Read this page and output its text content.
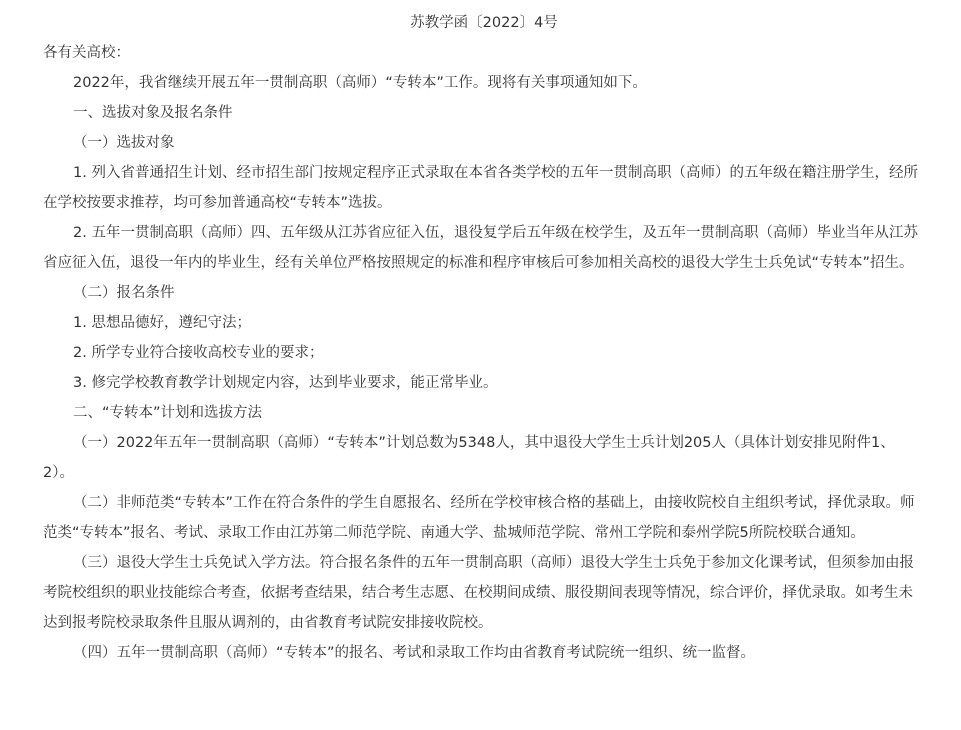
苏教学函〔2022〕4号

各有关高校：

2022年，我省继续开展五年一贯制高职（高师）“专转本”工作。现将有关事项通知如下。

一、选拔对象及报名条件

（一）选拔对象

1. 列入省普通招生计划、经市招生部门按规定程序正式录取在本省各类学校的五年一贯制高职（高师）的五年级在籍注册学生，经所在学校按要求推荐，均可参加普通高校“专转本”选拔。

2. 五年一贯制高职（高师）四、五年级从江苏省应征入伍，退役复学后五年级在校学生，及五年一贯制高职（高师）毕业当年从江苏省应征入伍，退役一年内的毕业生，经有关单位严格按照规定的标准和程序审核后可参加相关高校的退役大学生士兵免试“专转本”招生。

（二）报名条件

1. 思想品德好，遵纪守法；

2. 所学专业符合接收高校专业的要求；

3. 修完学校教育教学计划规定内容，达到毕业要求，能正常毕业。

二、“专转本”计划和选拔方法

（一）2022年五年一贯制高职（高师）“专转本”计划总数为5348人，其中退役大学生士兵计划205人（具体计划安排见附件1、2）。

（二）非师范类“专转本”工作在符合条件的学生自愿报名、经所在学校审核合格的基础上，由接收院校自主组织考试，择优录取。师范类“专转本”报名、考试、录取工作由江苏第二师范学院、南通大学、盐城师范学院、常州工学院和泰州学院5所院校联合通知。

（三）退役大学生士兵免试入学方法。符合报名条件的五年一贯制高职（高师）退役大学生士兵免于参加文化课考试，但须参加由报考院校组织的职业技能综合考查，依据考查结果，结合考生志愿、在校期间成绩、服役期间表现等情况，综合评价，择优录取。如考生未达到报考院校录取条件且服从调剂的，由省教育考试院安排接收院校。

（四）五年一贯制高职（高师）“专转本”的报名、考试和录取工作均由省教育考试院统一组织、统一监督。
